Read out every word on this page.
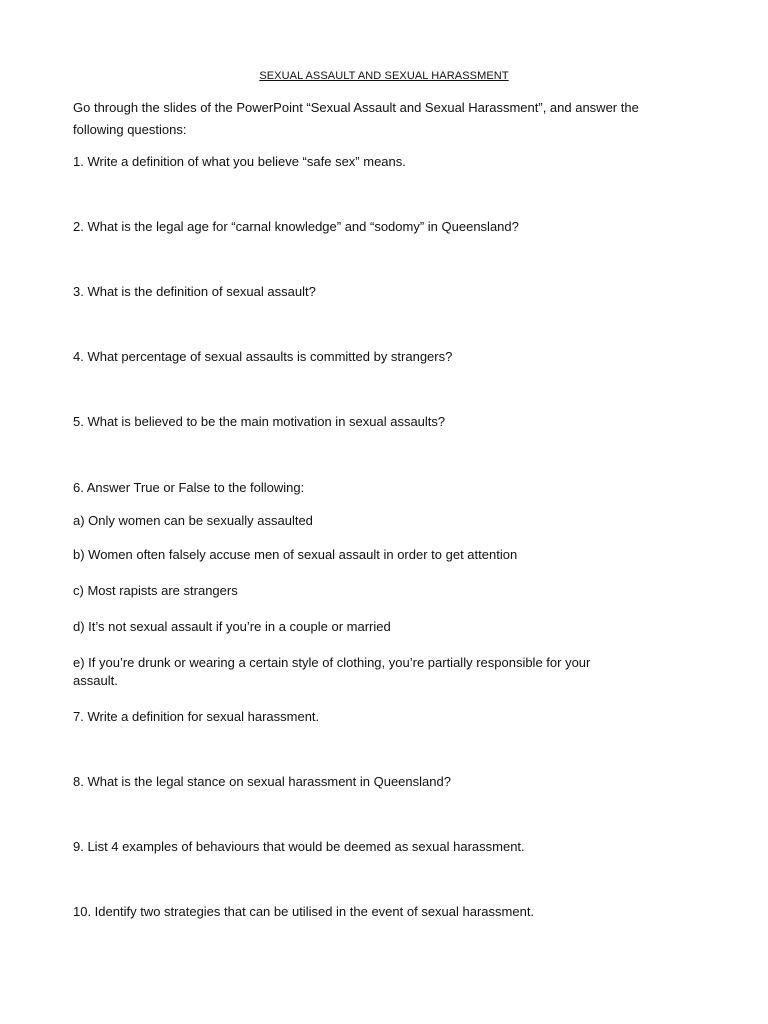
SEXUAL ASSAULT AND SEXUAL HARASSMENT
Go through the slides of the PowerPoint “Sexual Assault and Sexual Harassment”, and answer the
following questions:
1. Write a definition of what you believe “safe sex” means.
2. What is the legal age for “carnal knowledge” and “sodomy” in Queensland?
3. What is the definition of sexual assault?
4. What percentage of sexual assaults is committed by strangers?
5. What is believed to be the main motivation in sexual assaults?
6. Answer True or False to the following:
a) Only women can be sexually assaulted
b) Women often falsely accuse men of sexual assault in order to get attention
c) Most rapists are strangers
d) It’s not sexual assault if you’re in a couple or married
e) If you’re drunk or wearing a certain style of clothing, you’re partially responsible for your
assault.
7. Write a definition for sexual harassment.
8. What is the legal stance on sexual harassment in Queensland?
9. List 4 examples of behaviours that would be deemed as sexual harassment.
10. Identify two strategies that can be utilised in the event of sexual harassment.
